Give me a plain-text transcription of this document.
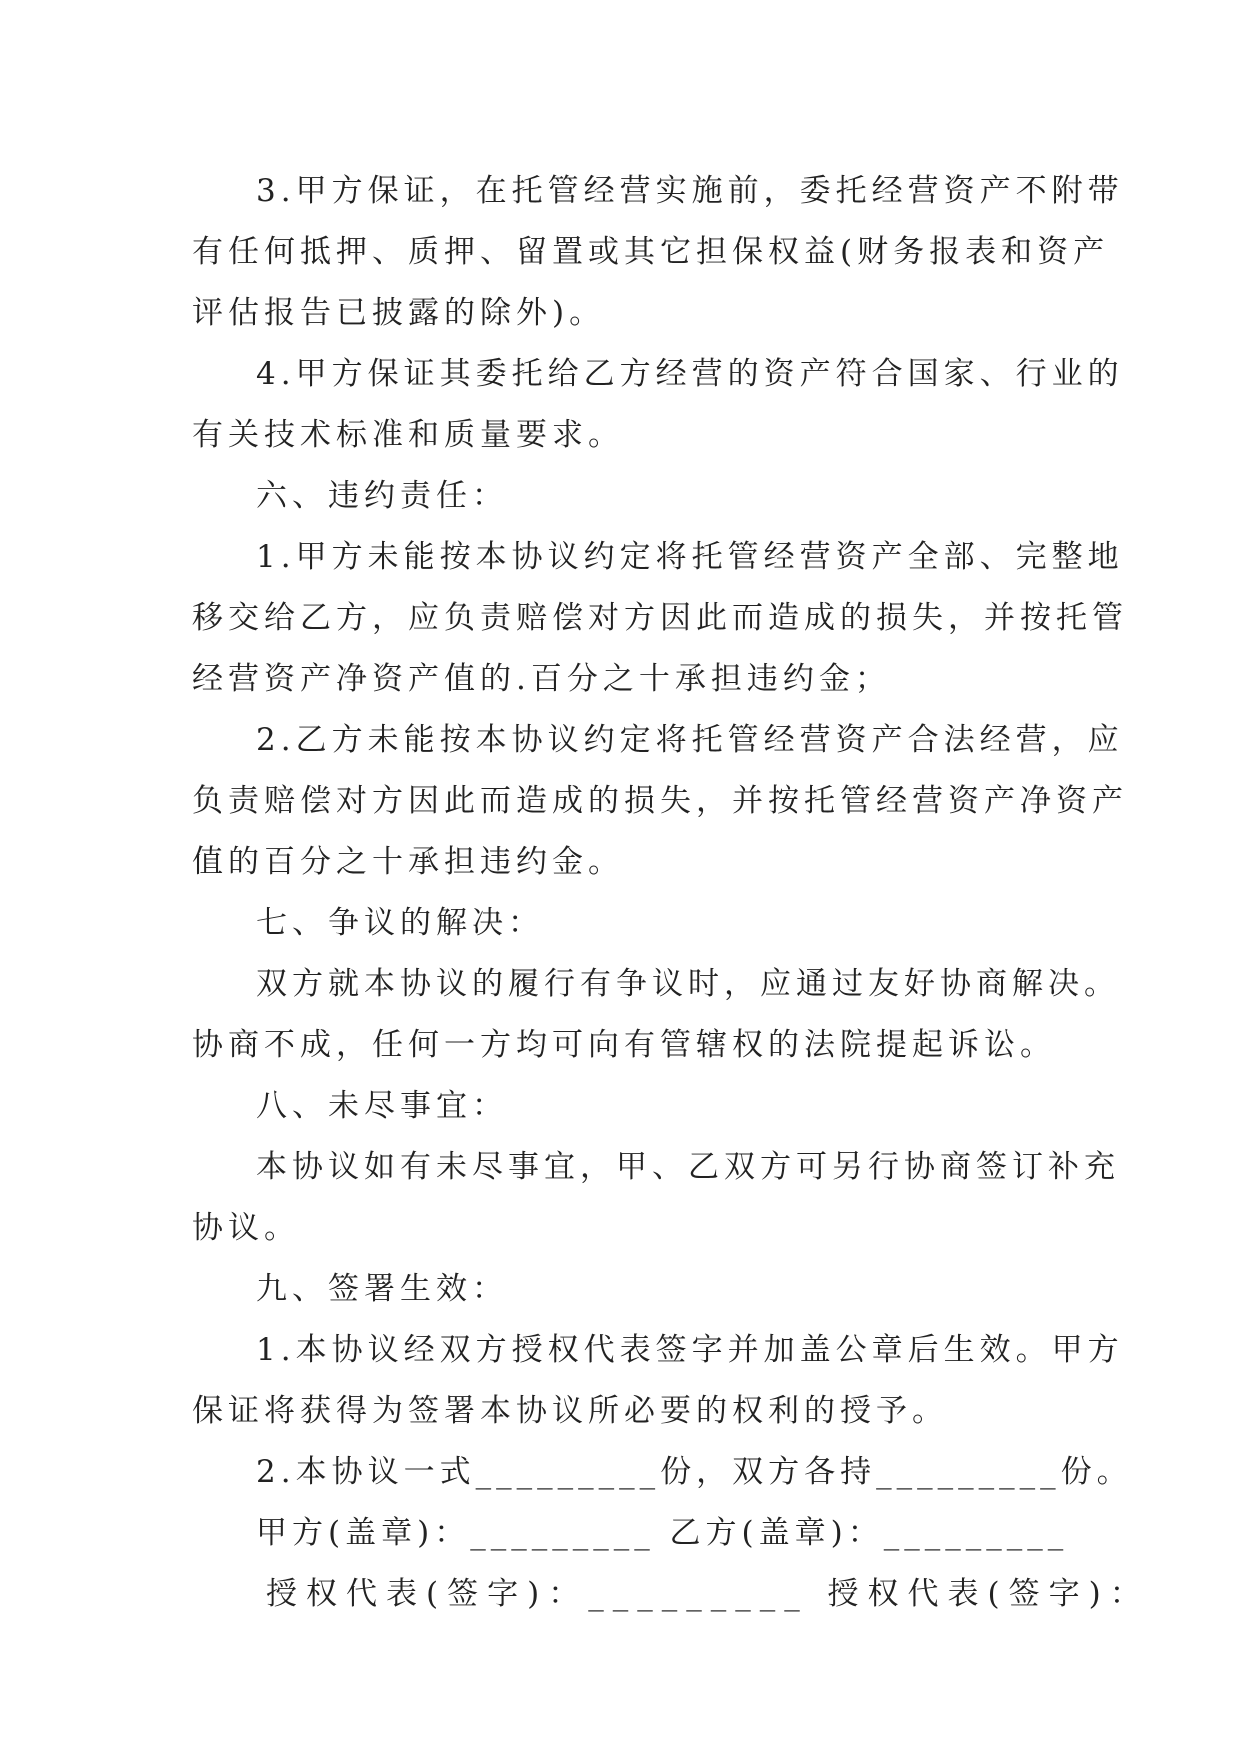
3.甲方保证，在托管经营实施前，委托经营资产不附带
有任何抵押、质押、留置或其它担保权益(财务报表和资产
评估报告已披露的除外)。
4.甲方保证其委托给乙方经营的资产符合国家、行业的
有关技术标准和质量要求。
六、违约责任：
1.甲方未能按本协议约定将托管经营资产全部、完整地
移交给乙方，应负责赔偿对方因此而造成的损失，并按托管
经营资产净资产值的.百分之十承担违约金；
2.乙方未能按本协议约定将托管经营资产合法经营，应
负责赔偿对方因此而造成的损失，并按托管经营资产净资产
值的百分之十承担违约金。
七、争议的解决：
双方就本协议的履行有争议时，应通过友好协商解决。
协商不成，任何一方均可向有管辖权的法院提起诉讼。
八、未尽事宜：
本协议如有未尽事宜，甲、乙双方可另行协商签订补充
协议。
九、签署生效：
1.本协议经双方授权代表签字并加盖公章后生效。甲方
保证将获得为签署本协议所必要的权利的授予。
2.本协议一式_________份，双方各持_________份。
甲方(盖章)：_________ 乙方(盖章)：_________
授权代表(签字)：_________ 授权代表(签字)：
